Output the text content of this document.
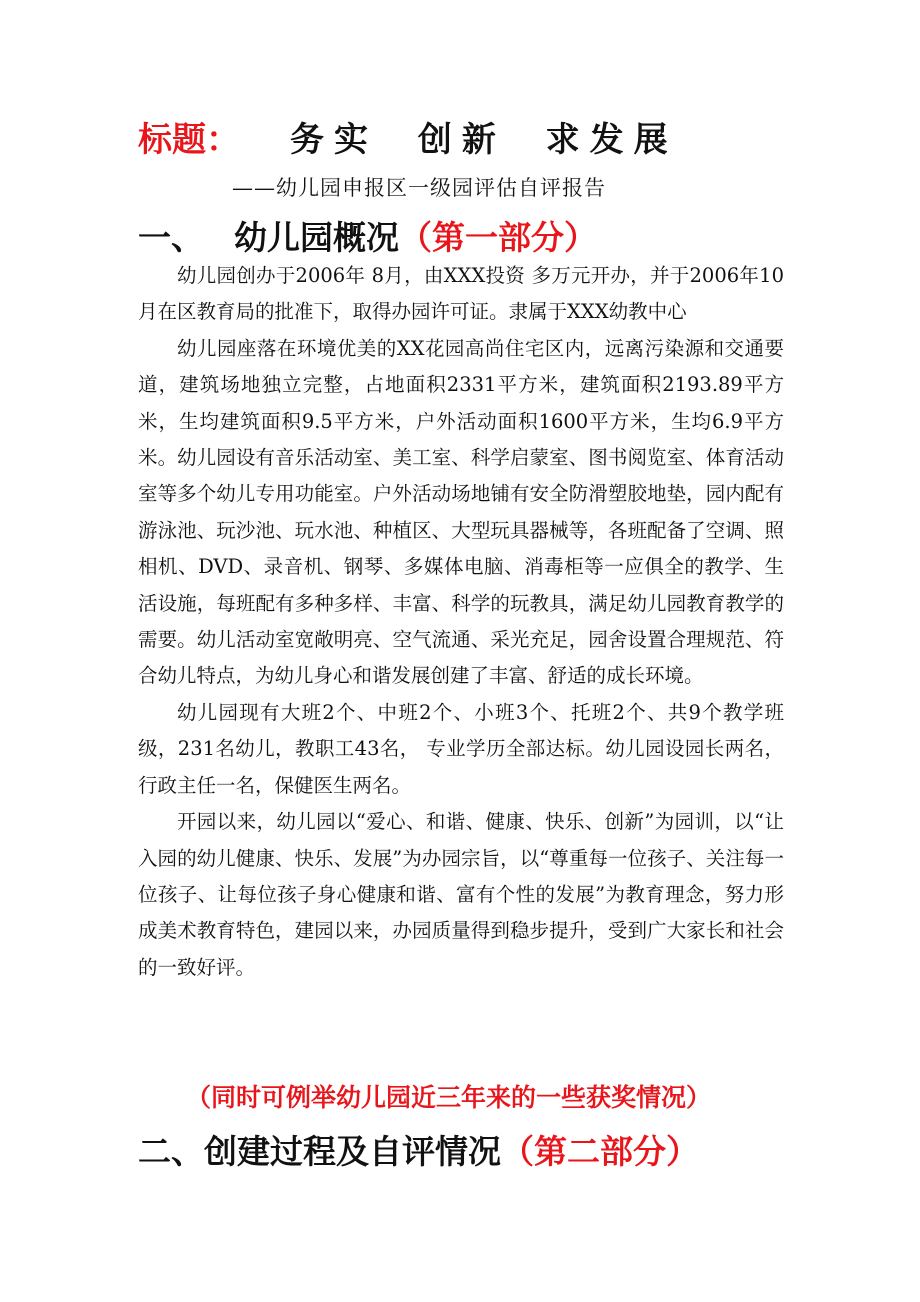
标题： 务实 创新 求发展
——幼儿园申报区一级园评估自评报告
一、 幼儿园概况（第一部分）

幼儿园创办于2006年 8月，由XXX投资 多万元开办，并于2006年10月在区教育局的批准下，取得办园许可证。隶属于XXX幼教中心

幼儿园座落在环境优美的XX花园高尚住宅区内，远离污染源和交通要道，建筑场地独立完整，占地面积2331平方米，建筑面积2193.89平方米，生均建筑面积9.5平方米，户外活动面积1600平方米，生均6.9平方米。幼儿园设有音乐活动室、美工室、科学启蒙室、图书阅览室、体育活动室等多个幼儿专用功能室。户外活动场地铺有安全防滑塑胶地垫，园内配有游泳池、玩沙池、玩水池、种植区、大型玩具器械等，各班配备了空调、照相机、DVD、录音机、钢琴、多媒体电脑、消毒柜等一应俱全的教学、生活设施，每班配有多种多样、丰富、科学的玩教具，满足幼儿园教育教学的需要。幼儿活动室宽敞明亮、空气流通、采光充足，园舍设置合理规范、符合幼儿特点，为幼儿身心和谐发展创建了丰富、舒适的成长环境。

幼儿园现有大班2个、中班2个、小班3个、托班2个、共9个教学班级，231名幼儿，教职工43名， 专业学历全部达标。幼儿园设园长两名，行政主任一名，保健医生两名。

开园以来，幼儿园以“爱心、和谐、健康、快乐、创新”为园训，以“让入园的幼儿健康、快乐、发展”为办园宗旨，以“尊重每一位孩子、关注每一位孩子、让每位孩子身心健康和谐、富有个性的发展”为教育理念，努力形成美术教育特色，建园以来，办园质量得到稳步提升，受到广大家长和社会的一致好评。

（同时可例举幼儿园近三年来的一些获奖情况）
二、创建过程及自评情况（第二部分）
